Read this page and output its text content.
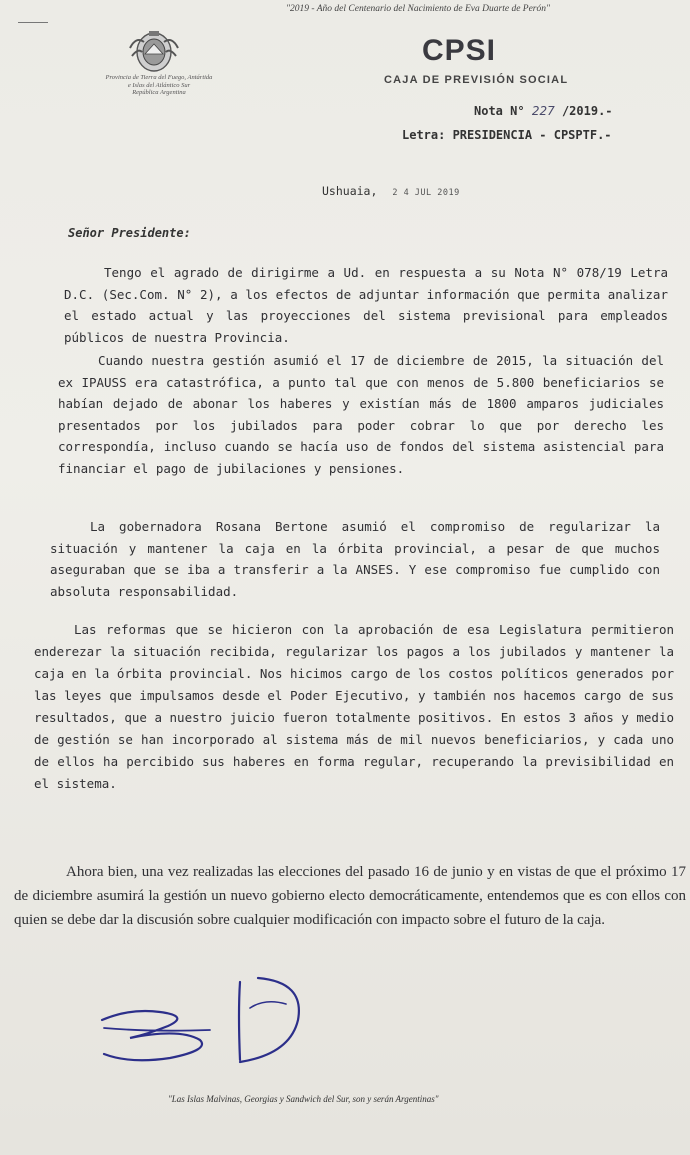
"2019 - Año del Centenario del Nacimiento de Eva Duarte de Perón"
Provincia de Tierra del Fuego, Antártida
e Islas del Atlántico Sur
República Argentina
CPSI
CAJA DE PREVISIÓN SOCIAL
Nota N° 227 /2019.-
Letra: PRESIDENCIA - CPSPTF.-
Ushuaia, 2 4 JUL 2019
Señor Presidente:

Tengo el agrado de dirigirme a Ud. en respuesta a su Nota N° 078/19 Letra D.C. (Sec.Com. N° 2), a los efectos de adjuntar información que permita analizar el estado actual y las proyecciones del sistema previsional para empleados públicos de nuestra Provincia.

Cuando nuestra gestión asumió el 17 de diciembre de 2015, la situación del ex IPAUSS era catastrófica, a punto tal que con menos de 5.800 beneficiarios se habían dejado de abonar los haberes y existían más de 1800 amparos judiciales presentados por los jubilados para poder cobrar lo que por derecho les correspondía, incluso cuando se hacía uso de fondos del sistema asistencial para financiar el pago de jubilaciones y pensiones.

La gobernadora Rosana Bertone asumió el compromiso de regularizar la situación y mantener la caja en la órbita provincial, a pesar de que muchos aseguraban que se iba a transferir a la ANSES. Y ese compromiso fue cumplido con absoluta responsabilidad.

Las reformas que se hicieron con la aprobación de esa Legislatura permitieron enderezar la situación recibida, regularizar los pagos a los jubilados y mantener la caja en la órbita provincial. Nos hicimos cargo de los costos políticos generados por las leyes que impulsamos desde el Poder Ejecutivo, y también nos hacemos cargo de sus resultados, que a nuestro juicio fueron totalmente positivos. En estos 3 años y medio de gestión se han incorporado al sistema más de mil nuevos beneficiarios, y cada uno de ellos ha percibido sus haberes en forma regular, recuperando la previsibilidad en el sistema.

Ahora bien, una vez realizadas las elecciones del pasado 16 de junio y en vistas de que el próximo 17 de diciembre asumirá la gestión un nuevo gobierno electo democráticamente, entendemos que es con ellos con quien se debe dar la discusión sobre cualquier modificación con impacto sobre el futuro de la caja.

"Las Islas Malvinas, Georgias y Sandwich del Sur, son y serán Argentinas"
